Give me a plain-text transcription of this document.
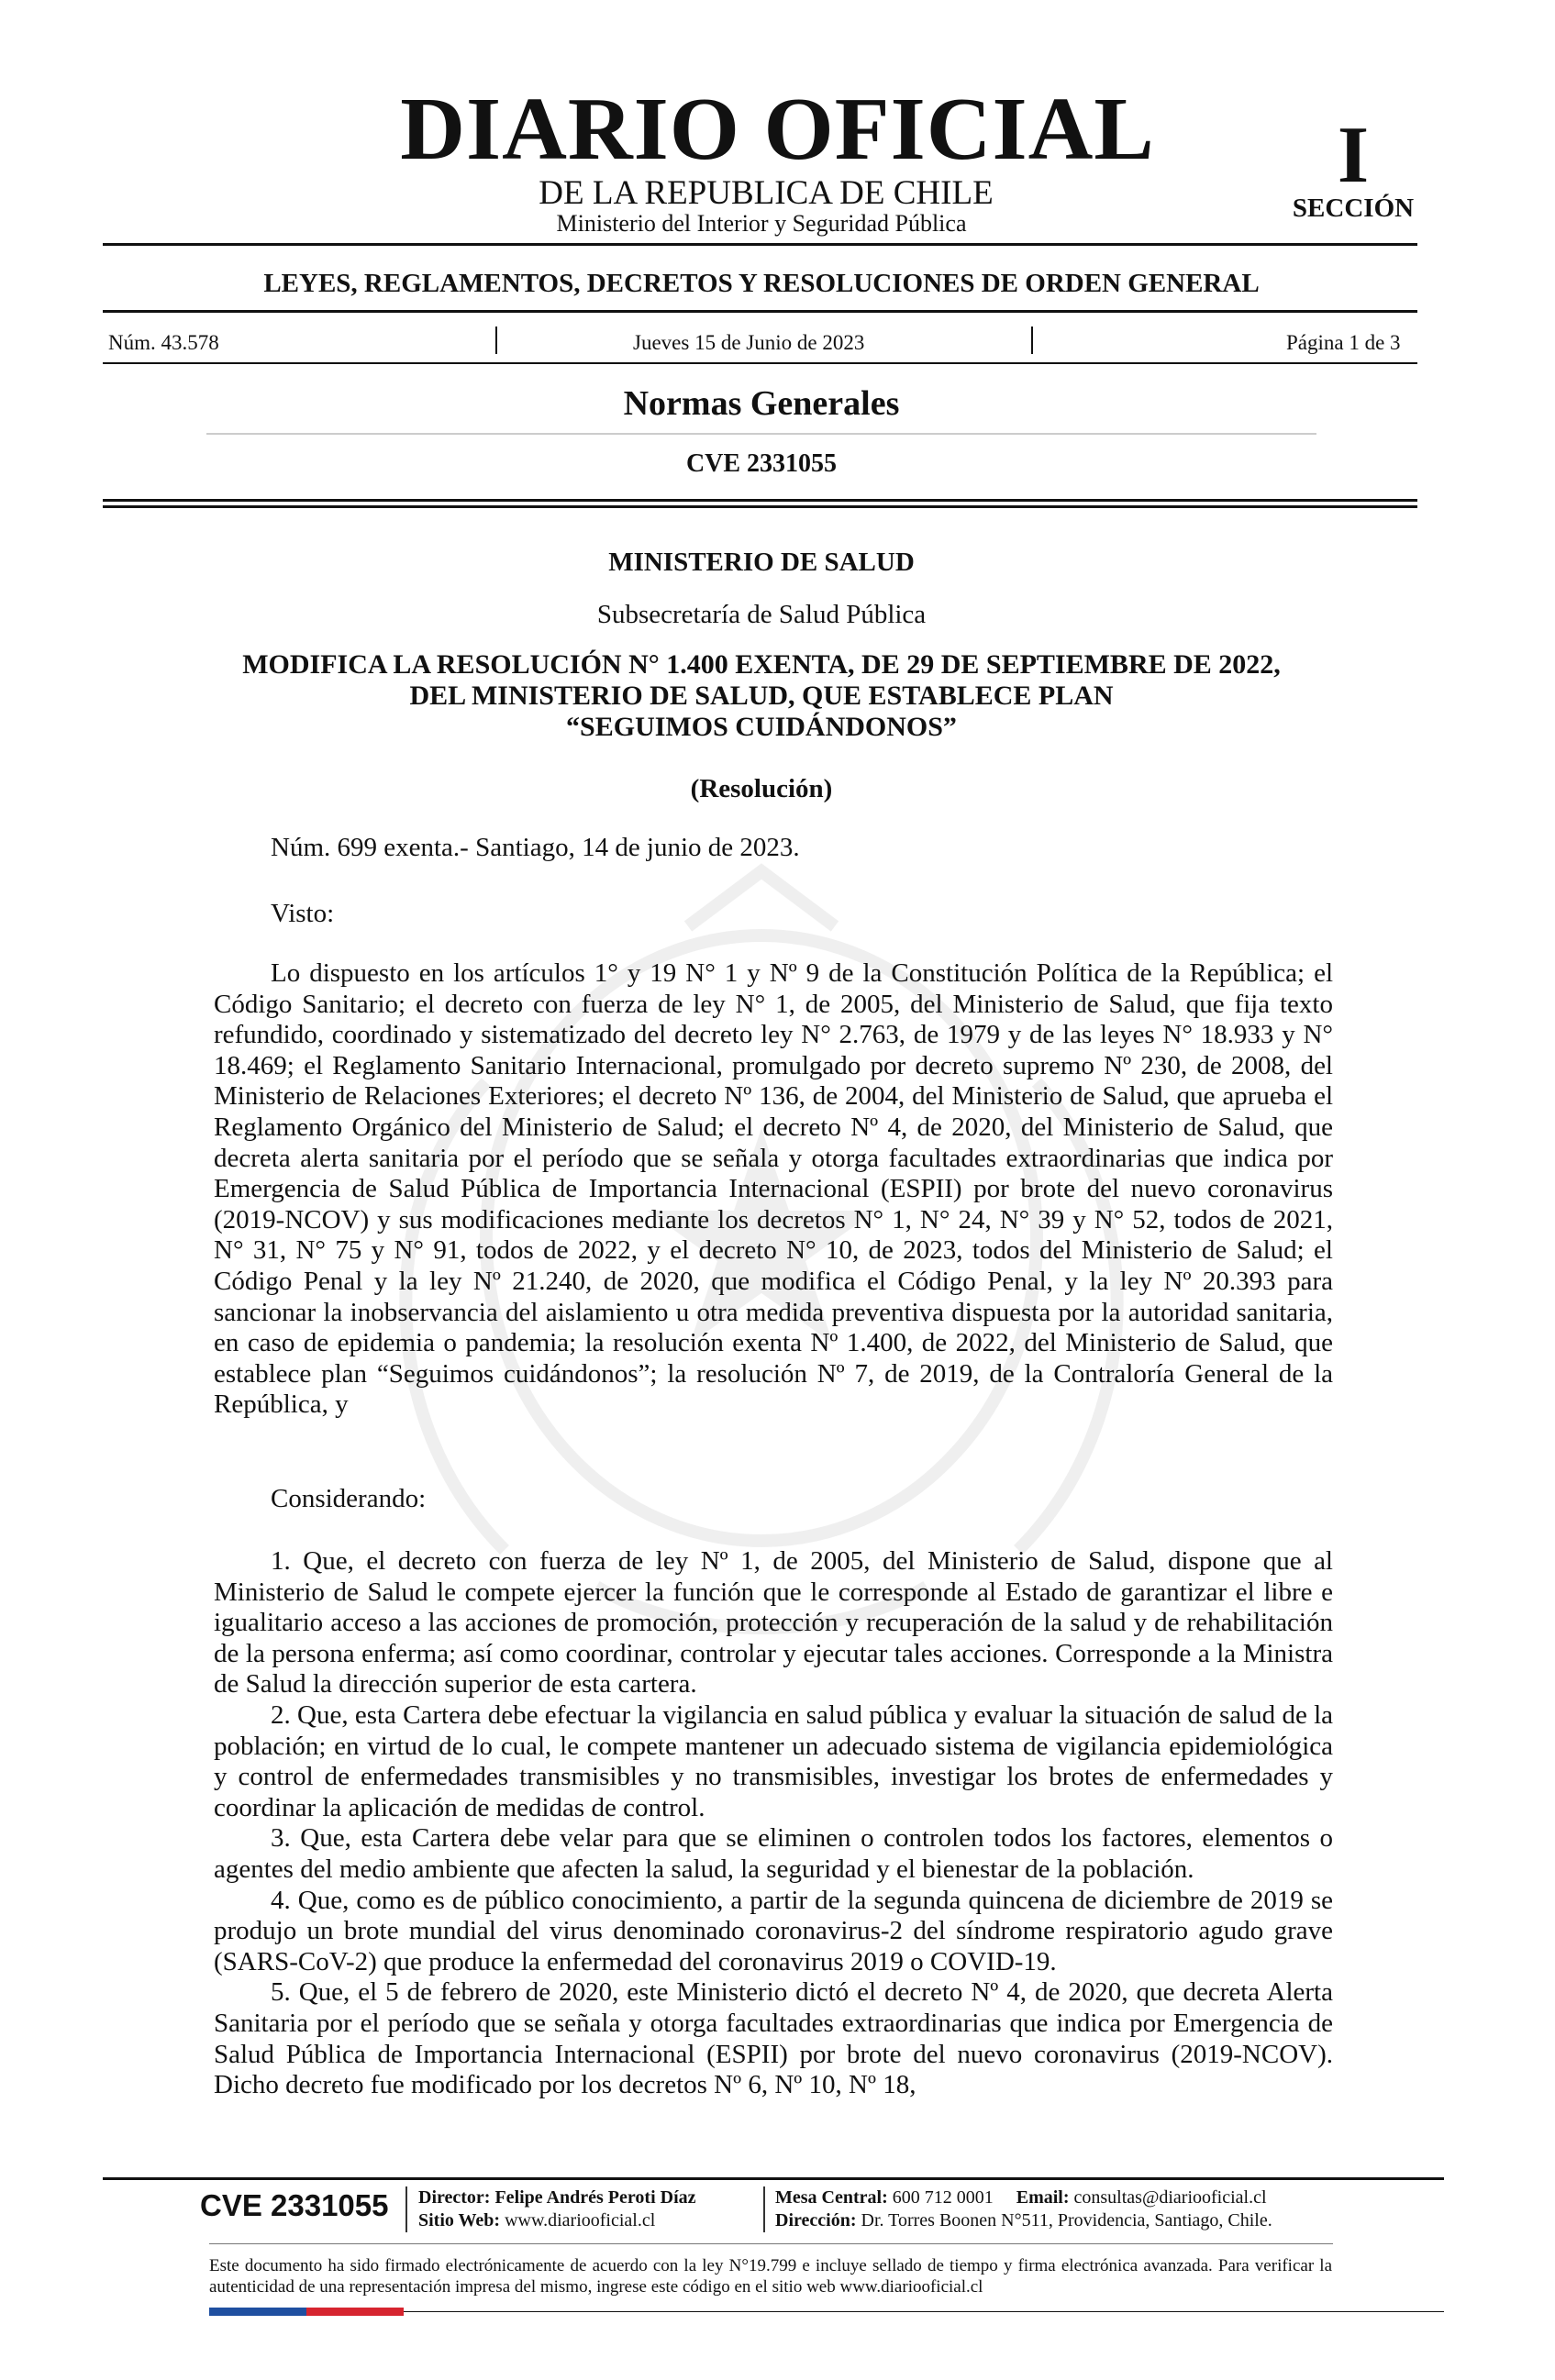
DIARIO OFICIAL
DE LA REPUBLICA DE CHILE
Ministerio del Interior y Seguridad Pública
I
SECCIÓN
LEYES, REGLAMENTOS, DECRETOS Y RESOLUCIONES DE ORDEN GENERAL
Núm. 43.578	Jueves 15 de Junio de 2023	Página 1 de 3
Normas Generales
CVE 2331055
MINISTERIO DE SALUD
Subsecretaría de Salud Pública
MODIFICA LA RESOLUCIÓN N° 1.400 EXENTA, DE 29 DE SEPTIEMBRE DE 2022,
DEL MINISTERIO DE SALUD, QUE ESTABLECE PLAN
“SEGUIMOS CUIDÁNDONOS”
(Resolución)
Núm. 699 exenta.- Santiago, 14 de junio de 2023.
Visto:

Lo dispuesto en los artículos 1° y 19 N° 1 y Nº 9 de la Constitución Política de la República; el Código Sanitario; el decreto con fuerza de ley N° 1, de 2005, del Ministerio de Salud, que fija texto refundido, coordinado y sistematizado del decreto ley N° 2.763, de 1979 y de las leyes N° 18.933 y N° 18.469; el Reglamento Sanitario Internacional, promulgado por decreto supremo Nº 230, de 2008, del Ministerio de Relaciones Exteriores; el decreto Nº 136, de 2004, del Ministerio de Salud, que aprueba el Reglamento Orgánico del Ministerio de Salud; el decreto Nº 4, de 2020, del Ministerio de Salud, que decreta alerta sanitaria por el período que se señala y otorga facultades extraordinarias que indica por Emergencia de Salud Pública de Importancia Internacional (ESPII) por brote del nuevo coronavirus (2019-NCOV) y sus modificaciones mediante los decretos N° 1, N° 24, N° 39 y N° 52, todos de 2021, N° 31, N° 75 y N° 91, todos de 2022, y el decreto N° 10, de 2023, todos del Ministerio de Salud; el Código Penal y la ley Nº 21.240, de 2020, que modifica el Código Penal, y la ley Nº 20.393 para sancionar la inobservancia del aislamiento u otra medida preventiva dispuesta por la autoridad sanitaria, en caso de epidemia o pandemia; la resolución exenta Nº 1.400, de 2022, del Ministerio de Salud, que establece plan “Seguimos cuidándonos”; la resolución Nº 7, de 2019, de la Contraloría General de la República, y

Considerando:

1. Que, el decreto con fuerza de ley Nº 1, de 2005, del Ministerio de Salud, dispone que al Ministerio de Salud le compete ejercer la función que le corresponde al Estado de garantizar el libre e igualitario acceso a las acciones de promoción, protección y recuperación de la salud y de rehabilitación de la persona enferma; así como coordinar, controlar y ejecutar tales acciones. Corresponde a la Ministra de Salud la dirección superior de esta cartera.

2. Que, esta Cartera debe efectuar la vigilancia en salud pública y evaluar la situación de salud de la población; en virtud de lo cual, le compete mantener un adecuado sistema de vigilancia epidemiológica y control de enfermedades transmisibles y no transmisibles, investigar los brotes de enfermedades y coordinar la aplicación de medidas de control.

3. Que, esta Cartera debe velar para que se eliminen o controlen todos los factores, elementos o agentes del medio ambiente que afecten la salud, la seguridad y el bienestar de la población.

4. Que, como es de público conocimiento, a partir de la segunda quincena de diciembre de 2019 se produjo un brote mundial del virus denominado coronavirus-2 del síndrome respiratorio agudo grave (SARS-CoV-2) que produce la enfermedad del coronavirus 2019 o COVID-19.

5. Que, el 5 de febrero de 2020, este Ministerio dictó el decreto Nº 4, de 2020, que decreta Alerta Sanitaria por el período que se señala y otorga facultades extraordinarias que indica por Emergencia de Salud Pública de Importancia Internacional (ESPII) por brote del nuevo coronavirus (2019-NCOV). Dicho decreto fue modificado por los decretos Nº 6, Nº 10, Nº 18,

CVE 2331055 Director: Felipe Andrés Peroti Díaz
Sitio Web: www.diariooficial.cl
Mesa Central: 600 712 0001 Email: consultas@diariooficial.cl
Dirección: Dr. Torres Boonen N°511, Providencia, Santiago, Chile.
Este documento ha sido firmado electrónicamente de acuerdo con la ley N°19.799 e incluye sellado de tiempo y firma electrónica avanzada. Para verificar la autenticidad de una representación impresa del mismo, ingrese este código en el sitio web www.diariooficial.cl
